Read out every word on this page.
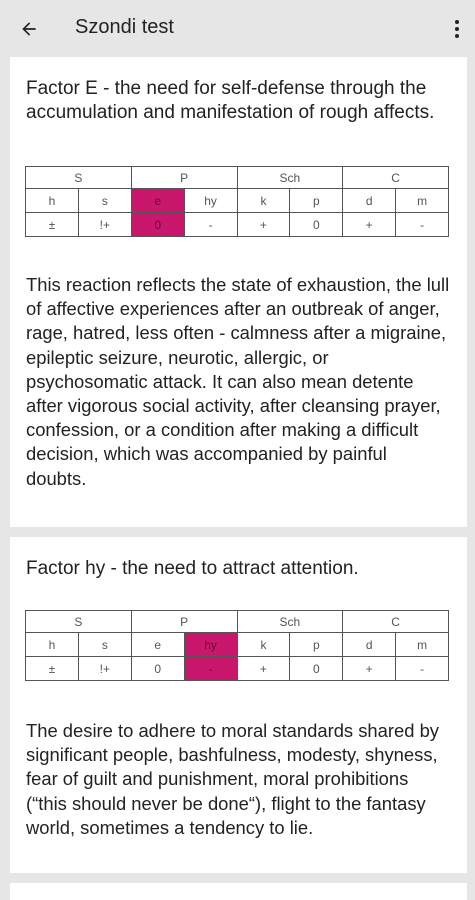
Szondi test
Factor E - the need for self-defense through the accumulation and manifestation of rough affects.
S		P		Sch		C	
h	s	e	hy	k	p	d	m
±	!+	0	-	+	0	+	-
This reaction reflects the state of exhaustion, the lull of affective experiences after an outbreak of anger, rage, hatred, less often - calmness after a migraine, epileptic seizure, neurotic, allergic, or psychosomatic attack. It can also mean detente after vigorous social activity, after cleansing prayer, confession, or a condition after making a difficult decision, which was accompanied by painful doubts.
Factor hy - the need to attract attention.
S		P		Sch		C	
h	s	e	hy	k	p	d	m
±	!+	0	-	+	0	+	-
The desire to adhere to moral standards shared by significant people, bashfulness, modesty, shyness, fear of guilt and punishment, moral prohibitions (“this should never be done“), flight to the fantasy world, sometimes a tendency to lie.
